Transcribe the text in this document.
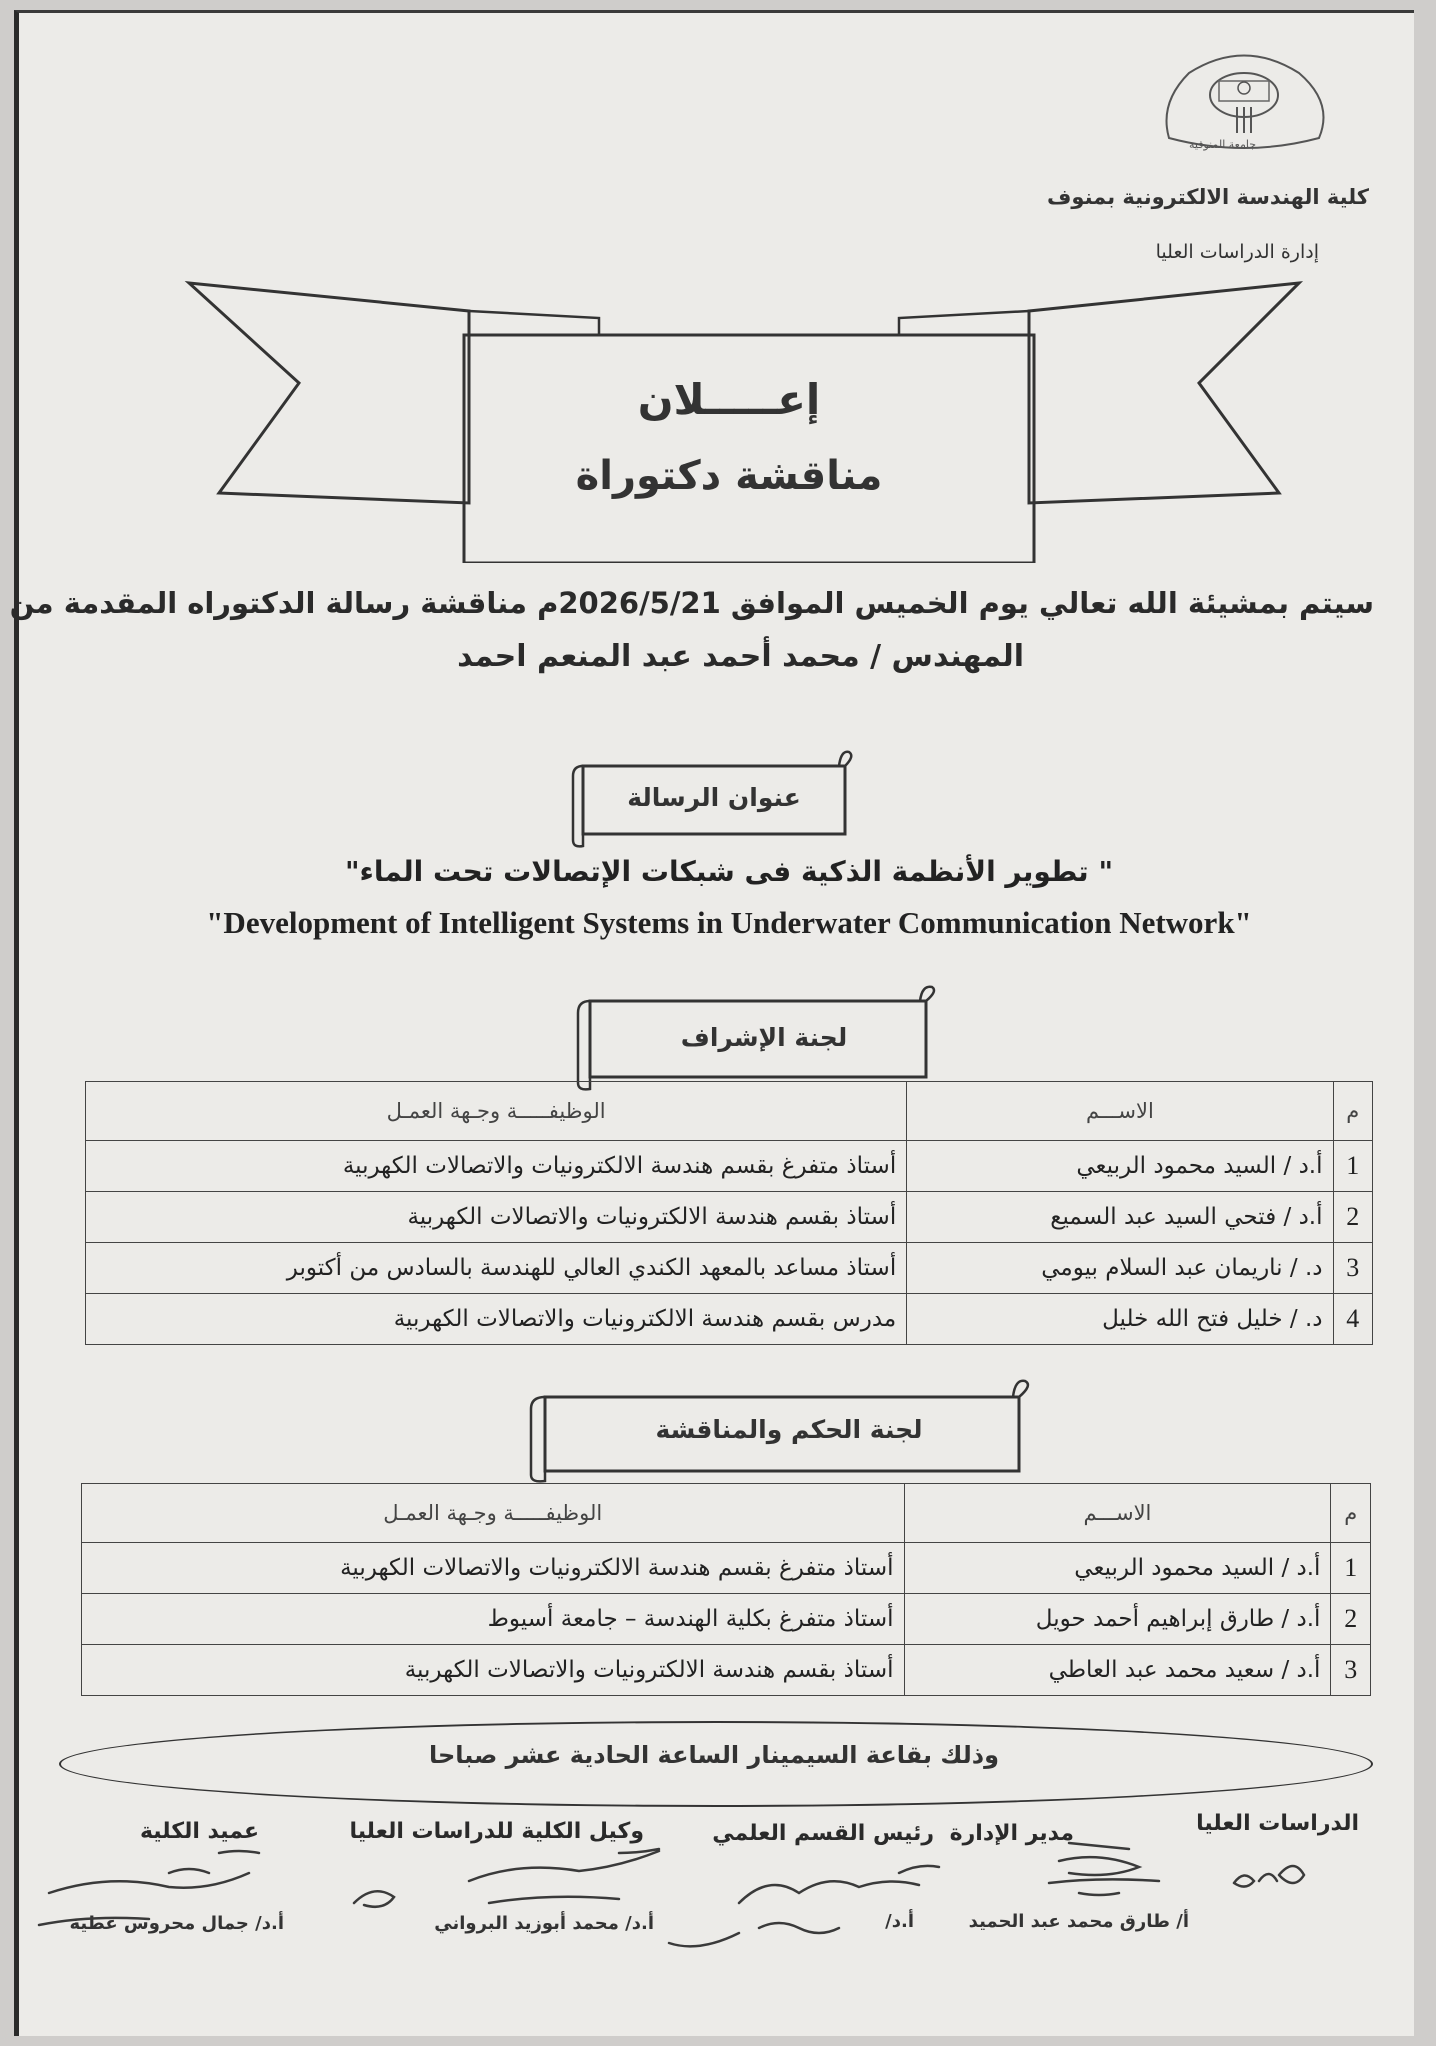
جامعة المنوفية
كلية الهندسة الالكترونية بمنوف
إدارة الدراسات العليا
إعـــــلان
مناقشة دكتوراة
سيتم بمشيئة الله تعالي يوم الخميس الموافق 2026/5/21م مناقشة رسالة الدكتوراه المقدمة من
المهندس / محمد أحمد عبد المنعم احمد
عنوان الرسالة
" تطوير الأنظمة الذكية فى شبكات الإتصالات تحت الماء"
"Development of Intelligent Systems in Underwater Communication Network"
لجنة الإشراف
م	الاســـم	الوظيفـــــة وجـهة العمـل
1	أ.د / السيد محمود الربيعي	أستاذ متفرغ بقسم هندسة الالكترونيات والاتصالات الكهربية
2	أ.د / فتحي السيد عبد السميع	أستاذ بقسم هندسة الالكترونيات والاتصالات الكهربية
3	د. / ناريمان عبد السلام بيومي	أستاذ مساعد بالمعهد الكندي العالي للهندسة بالسادس من أكتوبر
4	د. / خليل فتح الله خليل	مدرس بقسم هندسة الالكترونيات والاتصالات الكهربية
لجنة الحكم والمناقشة
م	الاســـم	الوظيفـــــة وجـهة العمـل
1	أ.د / السيد محمود الربيعي	أستاذ متفرغ بقسم هندسة الالكترونيات والاتصالات الكهربية
2	أ.د / طارق إبراهيم أحمد حويل	أستاذ متفرغ بكلية الهندسة – جامعة أسيوط
3	أ.د / سعيد محمد عبد العاطي	أستاذ بقسم هندسة الالكترونيات والاتصالات الكهربية
وذلك بقاعة السيمينار الساعة الحادية عشر صباحا
الدراسات العليا
مدير الإدارة
رئيس القسم العلمي
وكيل الكلية للدراسات العليا
عميد الكلية
أ/ طارق محمد عبد الحميد
أ.د/
أ.د/ محمد أبوزيد البرواني
أ.د/ جمال محروس عطية
